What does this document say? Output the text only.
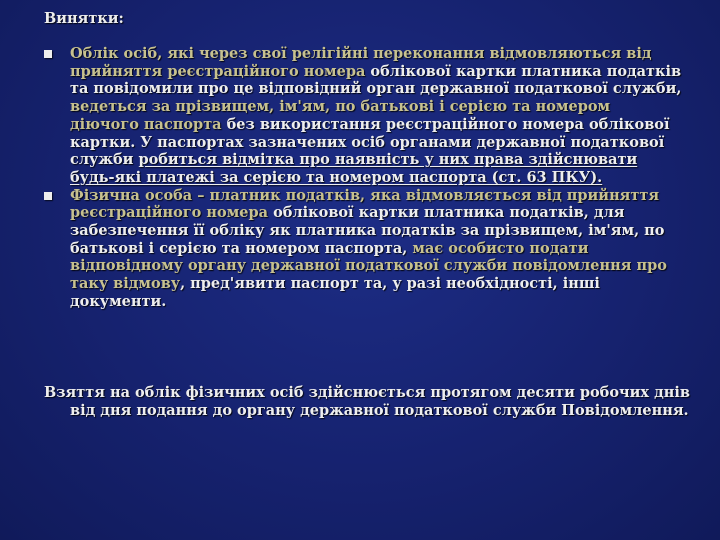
Винятки:
Облік осіб, які через свої релігійні переконання відмовляються від прийняття реєстраційного номера облікової картки платника податків та повідомили про це відповідний орган державної податкової служби, ведеться за прізвищем, ім'ям, по батькові і серією та номером діючого паспорта без використання реєстраційного номера облікової картки. У паспортах зазначених осіб органами державної податкової служби робиться відмітка про наявність у них права здійснювати будь-які платежі за серією та номером паспорта (ст. 63 ПКУ).
Фізична особа – платник податків, яка відмовляється від прийняття реєстраційного номера облікової картки платника податків, для забезпечення її обліку як платника податків за прізвищем, ім'ям, по батькові і серією та номером паспорта, має особисто подати відповідному органу державної податкової служби повідомлення про таку відмову, пред'явити паспорт та, у разі необхідності, інші документи.
Взяття на облік фізичних осіб здійснюється протягом десяти робочих днів від дня подання до органу державної податкової служби Повідомлення.
